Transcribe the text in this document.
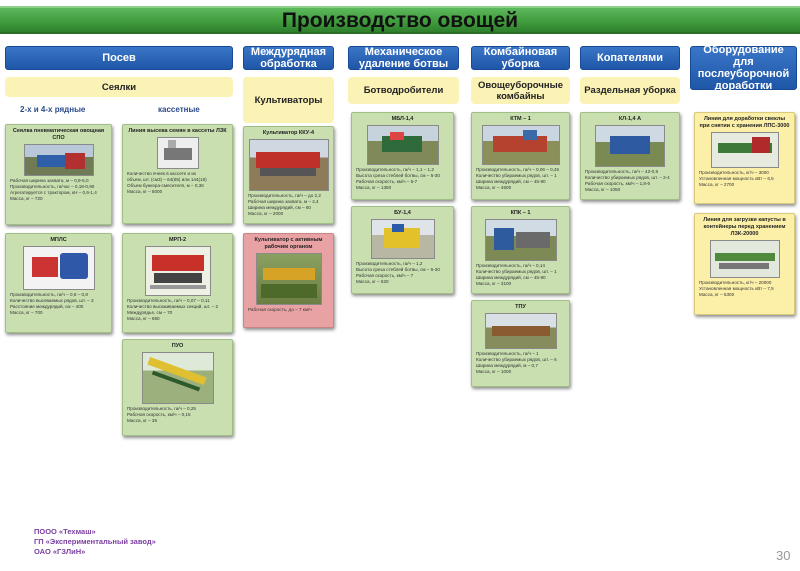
Производство овощей
Посев	Междурядная обработка
Механическое удаление ботвы
Комбайновая уборка	Копателями
Оборудование для послеуборочной доработки
Сеялки
Культиваторы
Ботводробители	Овощеуборочные комбайны	Раздельная уборка
2-х и 4-х рядные	кассетные
Сеялка пневматическая овощная СПО
Рабочая ширина захвата, м – 0,9-5,0
Производительность, га/час – 0,18-0,90
Агрегатируется с трактором, кН – 0,6-1,4
Масса, кг – 720
МПЛС
Производительность, га/ч – 0,6 – 0,8
Количество высеваемых рядов, шт. – 3
Расстояние междурядий, см – 400
Масса, кг – 700
Линия высева семян в кассеты ЛЗК
Количество ячеек в кассете и их
объем, шт. (см3) – 64(65) или 144(18)
Объем бункера-смесителя, м – 0,36
Масса, кг – 5000
МРП-2
Производительность, га/ч – 0,07 – 0,11
Количество высаживаемых секций, шт. – 2
Междурядье, см – 70
Масса, кг – 680
ПУО
Производительность, га/ч – 0,25
Рабочая скорость, км/ч – 0,15
Масса, кг – 35
Культиватор ККУ-4
Производительность, га/ч – до 2,2
Рабочая ширина захвата, м – 2,4
Ширина междурядий, см – 60
Масса, кг – 2000
Культиватор с активным рабочим органом
Рабочая скорость, до – 7 км/ч
МБЛ-1,4
Производительность, га/ч – 1,1 – 1,2
Высота среза стеблей ботвы, см – 5-30
Рабочая скорость, км/ч – 5-7
Масса, кг – 1350
БУ-1,4
Производительность, га/ч – 1,2
Высота среза стеблей ботвы, см – 5-30
Рабочая скорость, км/ч – 7
Масса, кг – 620
КТМ – 1
Производительность, га/ч – 0,06 – 0,45
Количество убираемых рядов, шт. – 1
Ширина междурядий, см – 45-90
Масса, кг – 4600
КПК – 1
Производительность, га/ч – 0,14
Количество убираемых рядов, шт. – 1
Ширина междурядий, см – 45-90
Масса, кг – 3100
ТПУ
Производительность, га/ч – 1
Количество убираемых рядов, шт. – 6
Ширина междурядий, м – 0,7
Масса, кг – 1000
КЛ-1,4 А
Производительность, га/ч – 42-0,9
Количество убираемых рядов, шт. – 2-4
Рабочая скорость, км/ч – 1,8-6
Масса, кг – 1050
Линия для доработки свеклы при снятии с хранения ЛПС-3000
Производительность, кг/ч – 3000
Установленная мощность кВт – 6,5
Масса, кг – 2700
Линия для загрузки капусты в контейнеры перед хранением ЛЗК-20000
Производительность, кг/ч – 20000
Установленная мощность кВт – 7,5
Масса, кг – 5300
ПООО «Техмаш»
ГП «Экспериментальный завод»
ОАО «ГЗЛиН»	30
